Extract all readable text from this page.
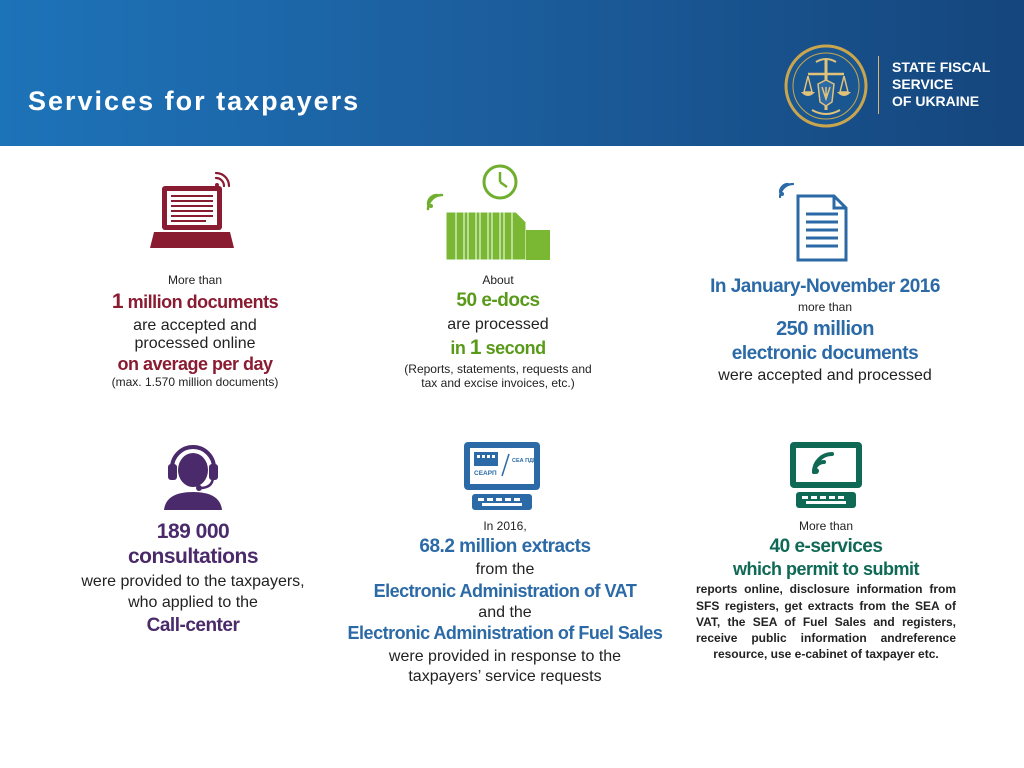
Services for taxpayers
STATE FISCAL
SERVICE
OF UKRAINE
More than
1 million documents
are accepted and
processed online
on average per day
(max. 1.570 million documents)
About
50 e-docs
are processed
in 1 second
(Reports, statements, requests and
tax and excise invoices, etc.)
In January-November 2016
more than
250 million
electronic documents
were accepted and processed
189 000
consultations
were provided to the taxpayers,
who applied to the
Call-center
СЕАРП
СЕА ПДВ
In 2016,
68.2 million extracts
from the
Electronic Administration of VAT
and the
Electronic Administration of Fuel Sales
were provided in response to the
taxpayers’ service requests
More than
40 e-services
which permit to submit
reports online, disclosure information from SFS registers, get extracts from the SEA of VAT, the SEA of Fuel Sales and registers, receive public information andreference resource, use e-cabinet of taxpayer etc.
